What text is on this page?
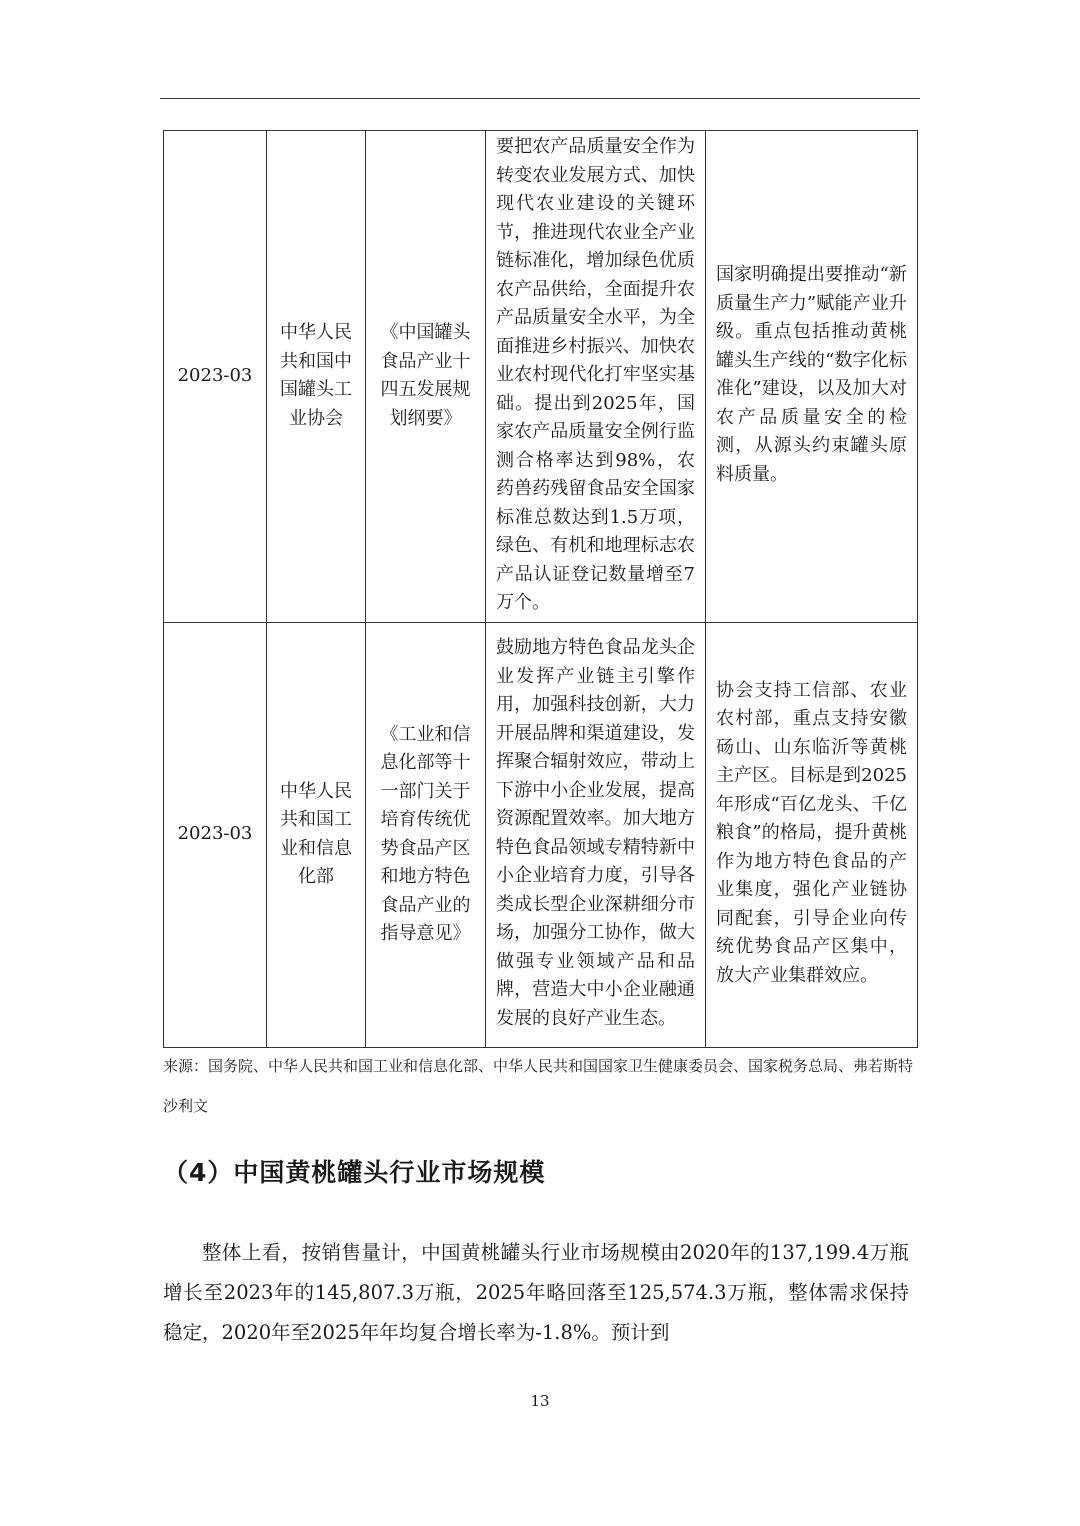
2023-03	中华人民共和国中国罐头工业协会	《中国罐头食品产业十四五发展规划纲要》	要把农产品质量安全作为转变农业发展方式、加快现代农业建设的关键环节，推进现代农业全产业链标准化，增加绿色优质农产品供给，全面提升农产品质量安全水平，为全面推进乡村振兴、加快农业农村现代化打牢坚实基础。提出到2025年，国家农产品质量安全例行监测合格率达到98%，农药兽药残留食品安全国家标准总数达到1.5万项，绿色、有机和地理标志农产品认证登记数量增至7万个。	国家明确提出要推动“新质量生产力”赋能产业升级。重点包括推动黄桃罐头生产线的“数字化标准化”建设，以及加大对农产品质量安全的检测，从源头约束罐头原料质量。
2023-03	中华人民共和国工业和信息化部	《工业和信息化部等十一部门关于培育传统优势食品产区和地方特色食品产业的指导意见》	鼓励地方特色食品龙头企业发挥产业链主引擎作用，加强科技创新，大力开展品牌和渠道建设，发挥聚合辐射效应，带动上下游中小企业发展，提高资源配置效率。加大地方特色食品领域专精特新中小企业培育力度，引导各类成长型企业深耕细分市场，加强分工协作，做大做强专业领域产品和品牌，营造大中小企业融通发展的良好产业生态。	协会支持工信部、农业农村部，重点支持安徽砀山、山东临沂等黄桃主产区。目标是到2025年形成“百亿龙头、千亿粮食”的格局，提升黄桃作为地方特色食品的产业集度，强化产业链协同配套，引导企业向传统优势食品产区集中，放大产业集群效应。
来源：国务院、中华人民共和国工业和信息化部、中华人民共和国国家卫生健康委员会、国家税务总局、弗若斯特沙利文
（4）中国黄桃罐头行业市场规模
整体上看，按销售量计，中国黄桃罐头行业市场规模由2020年的137,199.4万瓶增长至2023年的145,807.3万瓶，2025年略回落至125,574.3万瓶，整体需求保持稳定，2020年至2025年年均复合增长率为-1.8%。预计到
13
